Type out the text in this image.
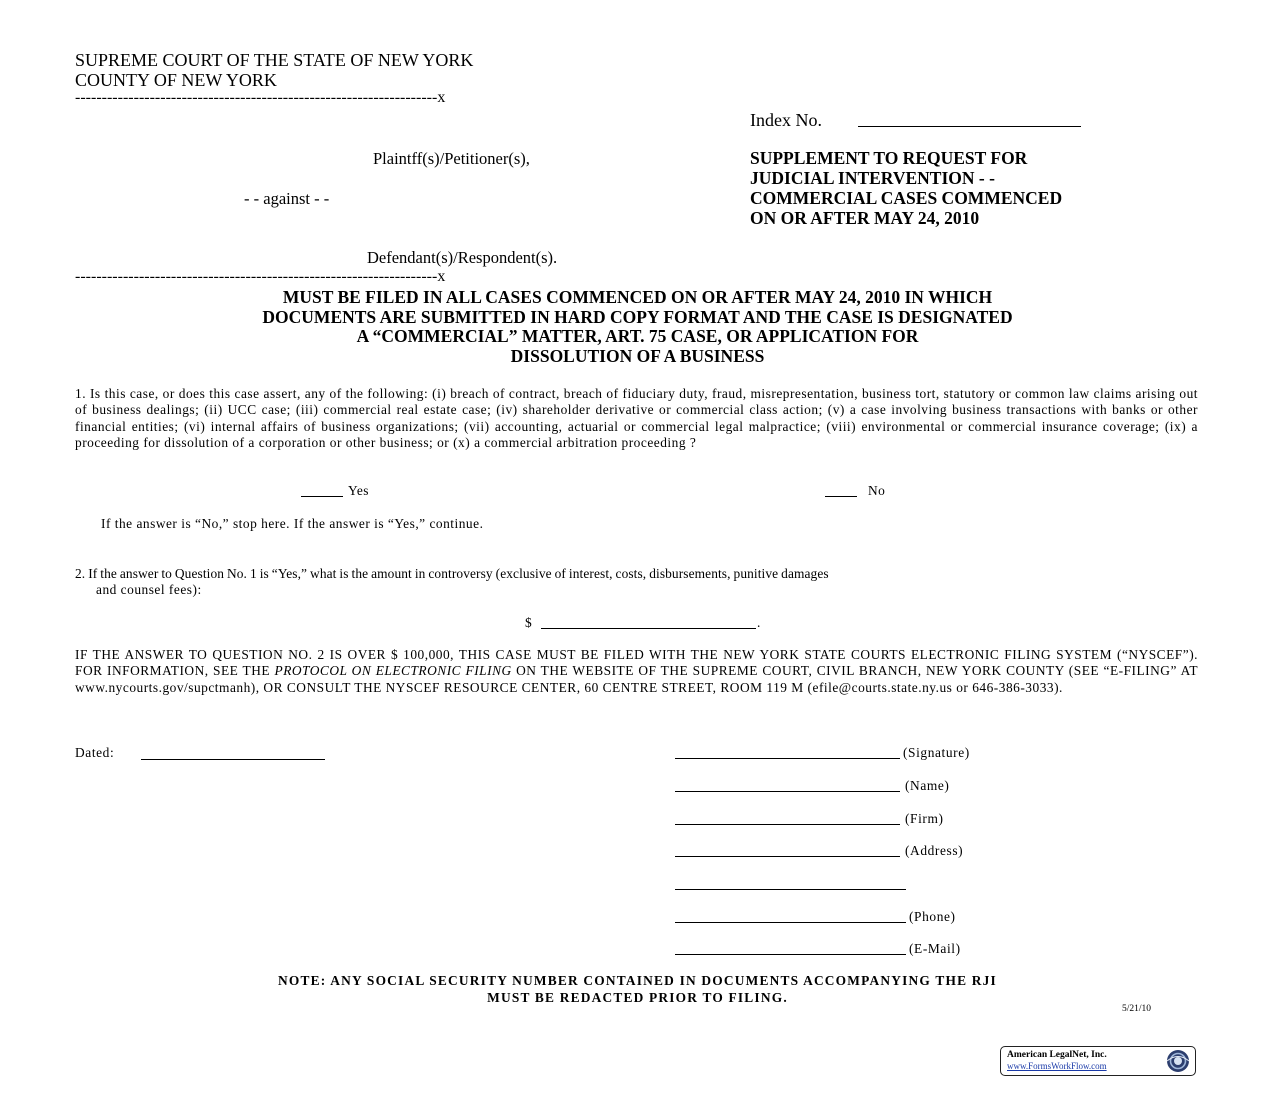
SUPREME COURT OF THE STATE OF NEW YORK
COUNTY OF NEW YORK
--------------------------------------------------------------------x
Index No.
Plaintff(s)/Petitioner(s),
- - against - -
Defendant(s)/Respondent(s).
--------------------------------------------------------------------x
SUPPLEMENT TO REQUEST FOR
JUDICIAL INTERVENTION - -
COMMERCIAL CASES COMMENCED
ON OR AFTER MAY 24, 2010
MUST BE FILED IN ALL CASES COMMENCED ON OR AFTER MAY 24, 2010 IN WHICH
DOCUMENTS ARE SUBMITTED IN HARD COPY FORMAT AND THE CASE IS DESIGNATED
A “COMMERCIAL” MATTER, ART. 75 CASE, OR APPLICATION FOR
DISSOLUTION OF A BUSINESS
1. Is this case, or does this case assert, any of the following: (i) breach of contract, breach of fiduciary duty, fraud, misrepresentation, business tort, statutory or common law claims arising out of business dealings; (ii) UCC case; (iii) commercial real estate case; (iv) shareholder derivative or commercial class action; (v) a case involving business transactions with banks or other financial entities; (vi) internal affairs of business organizations; (vii) accounting, actuarial or commercial legal malpractice; (viii) environmental or commercial insurance coverage; (ix) a proceeding for dissolution of a corporation or other business; or (x) a commercial arbitration proceeding ?
Yes	No
If the answer is “No,” stop here. If the answer is “Yes,” continue.
2. If the answer to Question No. 1 is “Yes,” what is the amount in controversy (exclusive of interest, costs, disbursements, punitive damages
and counsel fees):
$	.
IF THE ANSWER TO QUESTION NO. 2 IS OVER $ 100,000, THIS CASE MUST BE FILED WITH THE NEW YORK STATE COURTS ELECTRONIC FILING SYSTEM (“NYSCEF”). FOR INFORMATION, SEE THE PROTOCOL ON ELECTRONIC FILING ON THE WEBSITE OF THE SUPREME COURT, CIVIL BRANCH, NEW YORK COUNTY (SEE “E-FILING” AT www.nycourts.gov/supctmanh), OR CONSULT THE NYSCEF RESOURCE CENTER, 60 CENTRE STREET, ROOM 119 M (efile@courts.state.ny.us or 646-386-3033).
Dated:	(Signature)
(Name)
(Firm)
(Address)
(Phone)
(E-Mail)
NOTE: ANY SOCIAL SECURITY NUMBER CONTAINED IN DOCUMENTS ACCOMPANYING THE RJI
MUST BE REDACTED PRIOR TO FILING.
5/21/10
American LegalNet, Inc.
www.FormsWorkFlow.com
